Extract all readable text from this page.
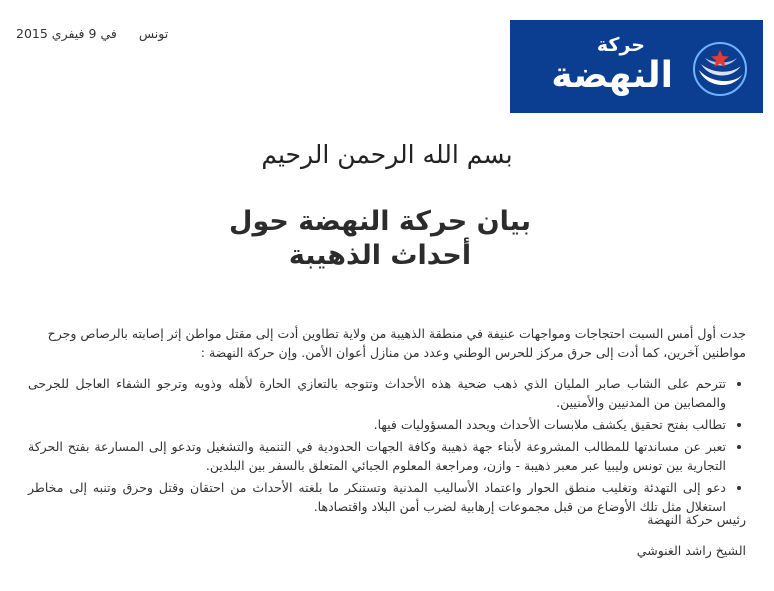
تونس  في 9 فيفري 2015
حركة
النهضة
بسم الله الرحمن الرحيم
بيان حركة النهضة حول أحداث الذهيبة

جدت أول أمس السبت احتجاجات ومواجهات عنيفة في منطقة الذهيبة من ولاية تطاوين أدت إلى مقتل مواطن إثر إصابته بالرصاص وجرح مواطنين آخرين، كما أدت إلى حرق مركز للحرس الوطني وعدد من منازل أعوان الأمن. وإن حركة النهضة :

• تترحم على الشاب صابر المليان الذي ذهب ضحية هذه الأحداث وتتوجه بالتعازي الحارة لأهله وذويه وترجو الشفاء العاجل للجرحى والمصابين من المدنيين والأمنيين.
• تطالب بفتح تحقيق يكشف ملابسات الأحداث ويحدد المسؤوليات فيها.
• تعبر عن مساندتها للمطالب المشروعة لأبناء جهة ذهيبة وكافة الجهات الحدودية في التنمية والتشغيل وتدعو إلى المسارعة بفتح الحركة التجارية بين تونس وليبيا عبر معبر ذهيبة - وازن، ومراجعة المعلوم الجبائي المتعلق بالسفر بين البلدين.
• دعو إلى التهدئة وتغليب منطق الحوار واعتماد الأساليب المدنية وتستنكر ما بلغته الأحداث من احتقان وقتل وحرق وتنبه إلى مخاطر استغلال مثل تلك الأوضاع من قبل مجموعات إرهابية لضرب أمن البلاد واقتصادها.
رئيس حركة النهضة
الشيخ راشد الغنوشي
